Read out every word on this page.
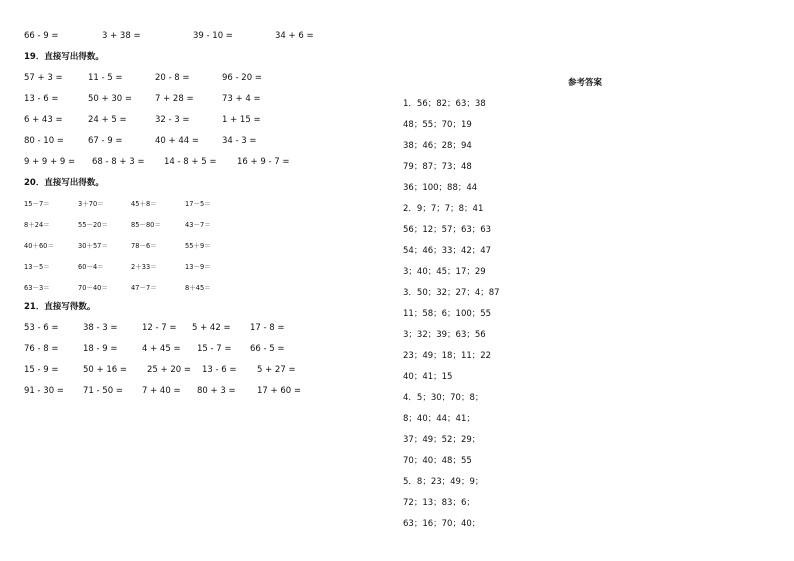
66 - 9 =	3 + 38 =	39 - 10 =	34 + 6 =
19．直接写出得数。
57 + 3 =	11 - 5 =	20 - 8 =	96 - 20 =
13 - 6 =	50 + 30 =	7 + 28 =	73 + 4 =
6 + 43 =	24 + 5 =	32 - 3 =	1 + 15 =
80 - 10 =	67 - 9 =	40 + 44 =	34 - 3 =
9 + 9 + 9 = 68 - 8 + 3 = 14 - 8 + 5 = 16 + 9 - 7 =
20．直接写出得数。
15－7＝	3＋70＝	45＋8＝	17－5＝
8＋24＝	55－20＝	85－80＝	43－7＝
40＋60＝	30＋57＝	78－6＝	55＋9＝
13－5＝	60－4＝	2＋33＝	13－9＝
63－3＝	70－40＝	47－7＝	8＋45＝
21．直接写得数。
53 - 6 =	38 - 3 =	12 - 7 = 5 + 42 = 17 - 8 =
76 - 8 =	18 - 9 =	4 + 45 = 15 - 7 = 66 - 5 =
15 - 9 =	50 + 16 = 25 + 20 = 13 - 6 = 5 + 27 =
91 - 30 = 71 - 50 = 7 + 40 = 80 + 3 =	17 + 60 =
参考答案
1．56；82；63；38
48；55；70；19
38；46；28；94
79；87；73；48
36；100；88；44
2．9；7；7；8；41
56；12；57；63；63
54；46；33；42；47
3；40；45；17；29
3．50；32；27；4；87
11；58；6；100；55
3；32；39；63；56
23；49；18；11；22
40；41；15
4．5；30；70；8；
8；40；44；41；
37；49；52；29；
70；40；48；55
5．8；23；49；9；
72；13；83；6；
63；16；70；40；
